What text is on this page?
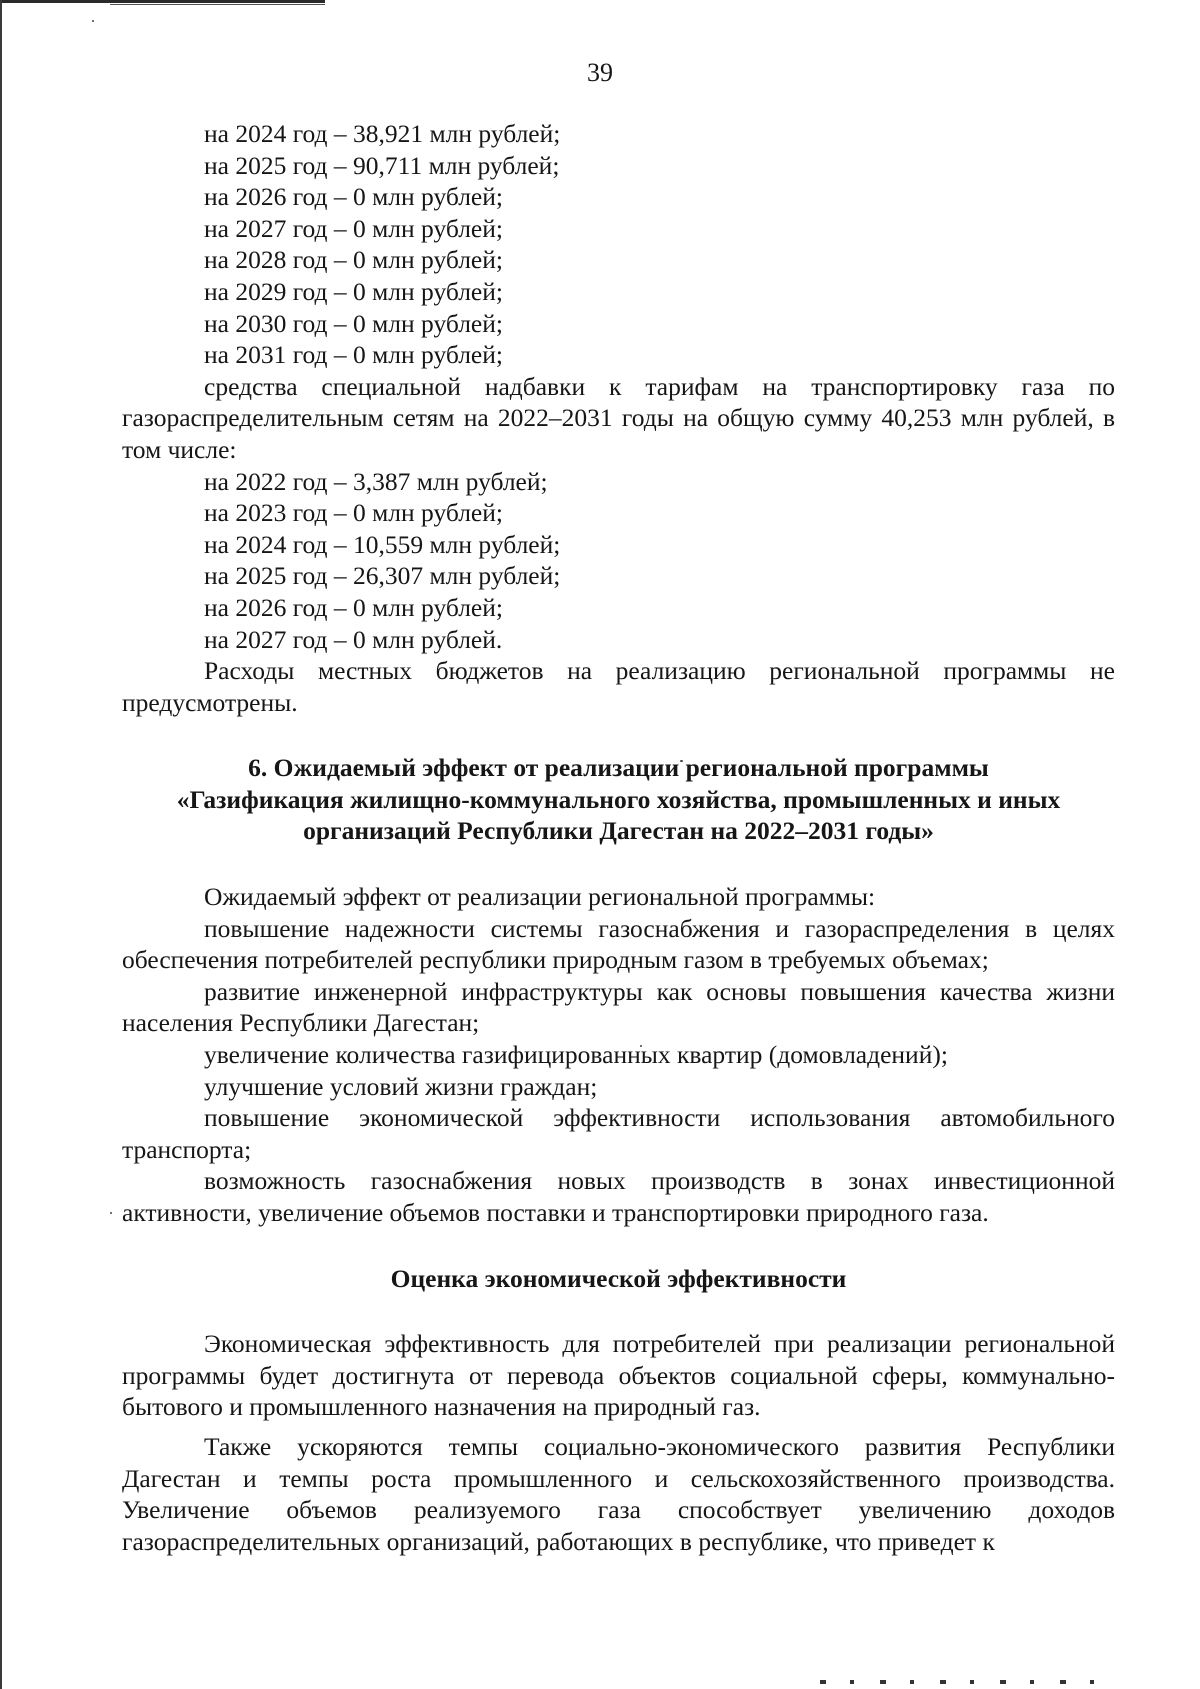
39
на 2024 год – 38,921 млн рублей;
на 2025 год – 90,711 млн рублей;
на 2026 год – 0 млн рублей;
на 2027 год – 0 млн рублей;
на 2028 год – 0 млн рублей;
на 2029 год – 0 млн рублей;
на 2030 год – 0 млн рублей;
на 2031 год – 0 млн рублей;

средства специальной надбавки к тарифам на транспортировку газа по газораспределительным сетям на 2022–2031 годы на общую сумму 40,253 млн рублей, в том числе:

на 2022 год – 3,387 млн рублей;
на 2023 год – 0 млн рублей;
на 2024 год – 10,559 млн рублей;
на 2025 год – 26,307 млн рублей;
на 2026 год – 0 млн рублей;
на 2027 год – 0 млн рублей.

Расходы местных бюджетов на реализацию региональной программы не предусмотрены.

6. Ожидаемый эффект от реализации региональной программы

«Газификация жилищно-коммунального хозяйства, промышленных и иных

организаций Республики Дагестан на 2022–2031 годы»

Ожидаемый эффект от реализации региональной программы:

повышение надежности системы газоснабжения и газораспределения в целях обеспечения потребителей республики природным газом в требуемых объемах;

развитие инженерной инфраструктуры как основы повышения качества жизни населения Республики Дагестан;

увеличение количества газифицированных квартир (домовладений);

улучшение условий жизни граждан;

повышение экономической эффективности использования автомобильного транспорта;

возможность газоснабжения новых производств в зонах инвестиционной активности, увеличение объемов поставки и транспортировки природного газа.

Оценка экономической эффективности

Экономическая эффективность для потребителей при реализации региональной программы будет достигнута от перевода объектов социальной сферы, коммунально-бытового и промышленного назначения на природный газ.

Также ускоряются темпы социально-экономического развития Республики Дагестан и темпы роста промышленного и сельскохозяйственного производства. Увеличение объемов реализуемого газа способствует увеличению доходов газораспределительных организаций, работающих в республике, что приведет к
